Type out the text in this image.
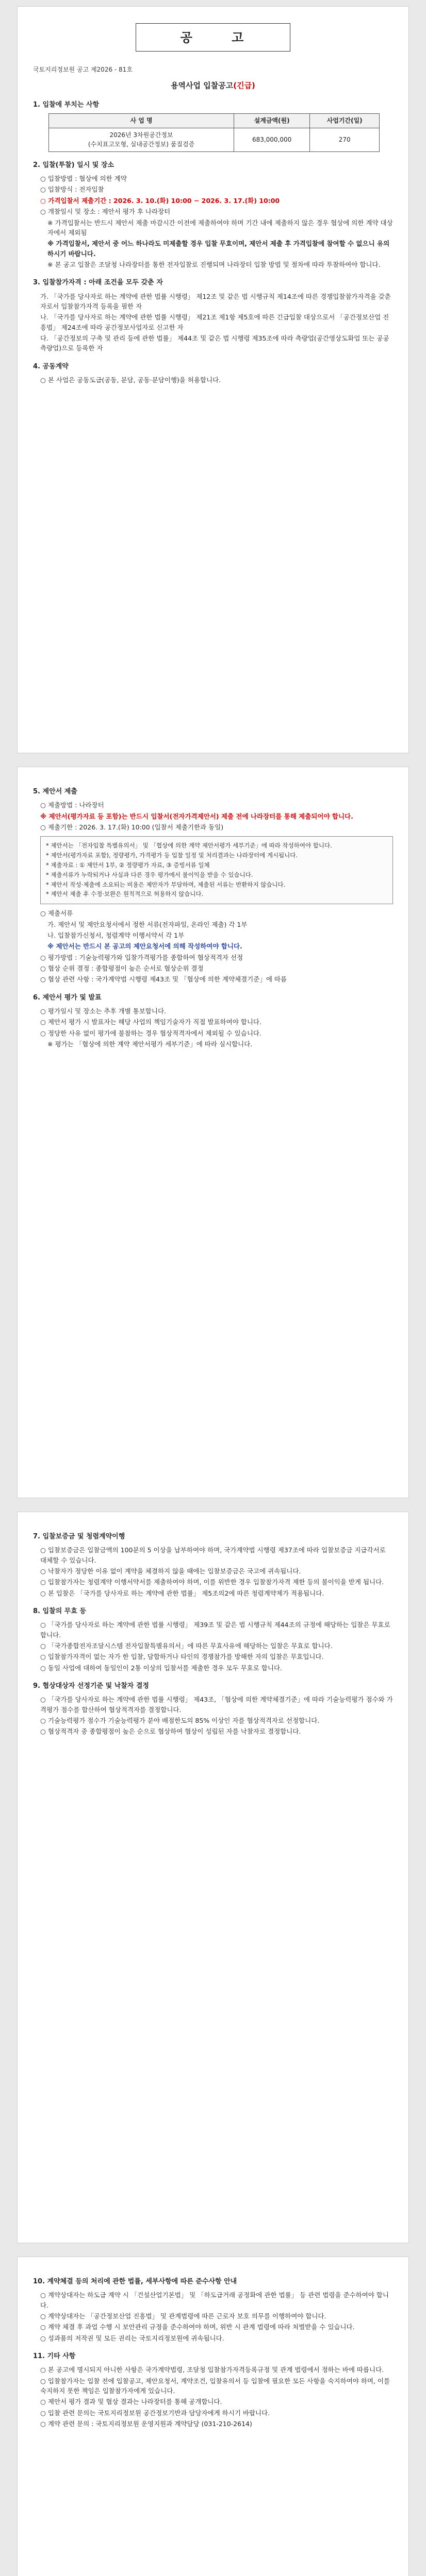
공 고
국토지리정보원 공고 제2026 - 81호
용역사업 입찰공고(긴급)
1. 입찰에 부치는 사항
사 업 명	설계금액(원)	사업기간(일)
2026년 3차원공간정보
(수치표고모형, 실내공간정보) 품질검증	683,000,000	270
2. 입찰(투찰) 일시 및 장소
○ 입찰방법 : 협상에 의한 계약
○ 입찰방식 : 전자입찰
○ 가격입찰서 제출기간 : 2026. 3. 10.(화) 10:00 ~ 2026. 3. 17.(화) 10:00
○ 개찰일시 및 장소 : 제안서 평가 후 나라장터
※ 가격입찰서는 반드시 제안서 제출 마감시간 이전에 제출하여야 하며 기간 내에 제출하지 않은 경우 협상에 의한 계약 대상자에서 제외됨
※ 가격입찰서, 제안서 중 어느 하나라도 미제출할 경우 입찰 무효이며, 제안서 제출 후 가격입찰에 참여할 수 없으니 유의하시기 바랍니다.
※ 본 공고 입찰은 조달청 나라장터를 통한 전자입찰로 진행되며 나라장터 입찰 방법 및 절차에 따라 투찰하여야 합니다.
3. 입찰참가자격 : 아래 조건을 모두 갖춘 자
가. 「국가를 당사자로 하는 계약에 관한 법률 시행령」 제12조 및 같은 법 시행규칙 제14조에 따른 경쟁입찰참가자격을 갖춘 자로서 입찰참가자격 등록을 필한 자
나. 「국가를 당사자로 하는 계약에 관한 법률 시행령」 제21조 제1항 제5호에 따른 긴급입찰 대상으로서 「공간정보산업 진흥법」 제24조에 따라 공간정보사업자로 신고한 자
다. 「공간정보의 구축 및 관리 등에 관한 법률」 제44조 및 같은 법 시행령 제35조에 따라 측량업(공간영상도화업 또는 공공측량업)으로 등록한 자
4. 공동계약
○ 본 사업은 공동도급(공동, 분담, 공동·분담이행)을 허용합니다.
5. 제안서 제출
○ 제출방법 : 나라장터
※ 제안서(평가자료 등 포함)는 반드시 입찰서(전자가격제안서) 제출 전에 나라장터를 통해 제출되어야 합니다.
○ 제출기한 : 2026. 3. 17.(화) 10:00 (입찰서 제출기한과 동일)
* 제안서는 「전자입찰 특별유의서」 및 「협상에 의한 계약 제안서평가 세부기준」에 따라 작성하여야 합니다.
* 제안서(평가자료 포함), 정량평가, 가격평가 등 입찰 일정 및 처리결과는 나라장터에 게시됩니다.
* 제출자료 : ① 제안서 1부, ② 정량평가 자료, ③ 증빙서류 일체
* 제출서류가 누락되거나 사실과 다른 경우 평가에서 불이익을 받을 수 있습니다.
* 제안서 작성·제출에 소요되는 비용은 제안자가 부담하며, 제출된 서류는 반환하지 않습니다.
* 제안서 제출 후 수정·보완은 원칙적으로 허용하지 않습니다.
○ 제출서류
가. 제안서 및 제안요청서에서 정한 서류(전자파일, 온라인 제출) 각 1부
나. 입찰참가신청서, 청렴계약 이행서약서 각 1부
※ 제안서는 반드시 본 공고의 제안요청서에 의해 작성하여야 합니다.
○ 평가방법 : 기술능력평가와 입찰가격평가를 종합하여 협상적격자 선정
○ 협상 순위 결정 : 종합평점이 높은 순서로 협상순위 결정
○ 협상 관련 사항 : 국가계약법 시행령 제43조 및 「협상에 의한 계약체결기준」에 따름
6. 제안서 평가 및 발표
○ 평가일시 및 장소는 추후 개별 통보합니다.
○ 제안서 평가 시 발표자는 해당 사업의 책임기술자가 직접 발표하여야 합니다.
○ 정당한 사유 없이 평가에 불참하는 경우 협상적격자에서 제외될 수 있습니다.
※ 평가는 「협상에 의한 계약 제안서평가 세부기준」에 따라 실시합니다.
7. 입찰보증금 및 청렴계약이행
○ 입찰보증금은 입찰금액의 100분의 5 이상을 납부하여야 하며, 국가계약법 시행령 제37조에 따라 입찰보증금 지급각서로 대체할 수 있습니다.
○ 낙찰자가 정당한 이유 없이 계약을 체결하지 않을 때에는 입찰보증금은 국고에 귀속됩니다.
○ 입찰참가자는 청렴계약 이행서약서를 제출하여야 하며, 이를 위반한 경우 입찰참가자격 제한 등의 불이익을 받게 됩니다.
○ 본 입찰은 「국가를 당사자로 하는 계약에 관한 법률」 제5조의2에 따른 청렴계약제가 적용됩니다.
8. 입찰의 무효 등
○ 「국가를 당사자로 하는 계약에 관한 법률 시행령」 제39조 및 같은 법 시행규칙 제44조의 규정에 해당하는 입찰은 무효로 합니다.
○ 「국가종합전자조달시스템 전자입찰특별유의서」에 따른 무효사유에 해당하는 입찰은 무효로 합니다.
○ 입찰참가자격이 없는 자가 한 입찰, 담합하거나 타인의 경쟁참가를 방해한 자의 입찰은 무효입니다.
○ 동일 사업에 대하여 동일인이 2통 이상의 입찰서를 제출한 경우 모두 무효로 합니다.
9. 협상대상자 선정기준 및 낙찰자 결정
○ 「국가를 당사자로 하는 계약에 관한 법률 시행령」 제43조, 「협상에 의한 계약체결기준」에 따라 기술능력평가 점수와 가격평가 점수를 합산하여 협상적격자를 결정합니다.
○ 기술능력평가 점수가 기술능력평가 분야 배점한도의 85% 이상인 자를 협상적격자로 선정합니다.
○ 협상적격자 중 종합평점이 높은 순으로 협상하여 협상이 성립된 자를 낙찰자로 결정합니다.
10. 계약체결 등의 처리에 관한 법률, 세부사항에 따른 준수사항 안내
○ 계약상대자는 하도급 계약 시 「건설산업기본법」 및 「하도급거래 공정화에 관한 법률」 등 관련 법령을 준수하여야 합니다.
○ 계약상대자는 「공간정보산업 진흥법」 및 관계법령에 따른 근로자 보호 의무를 이행하여야 합니다.
○ 계약 체결 후 과업 수행 시 보안관리 규정을 준수하여야 하며, 위반 시 관계 법령에 따라 처벌받을 수 있습니다.
○ 성과품의 저작권 및 모든 권리는 국토지리정보원에 귀속됩니다.
11. 기타 사항
○ 본 공고에 명시되지 아니한 사항은 국가계약법령, 조달청 입찰참가자격등록규정 및 관계 법령에서 정하는 바에 따릅니다.
○ 입찰참가자는 입찰 전에 입찰공고, 제안요청서, 계약조건, 입찰유의서 등 입찰에 필요한 모든 사항을 숙지하여야 하며, 이를 숙지하지 못한 책임은 입찰참가자에게 있습니다.
○ 제안서 평가 결과 및 협상 결과는 나라장터를 통해 공개합니다.
○ 입찰 관련 문의는 국토지리정보원 공간정보기반과 담당자에게 하시기 바랍니다.
○ 계약 관련 문의 : 국토지리정보원 운영지원과 계약담당 (031-210-2614)
